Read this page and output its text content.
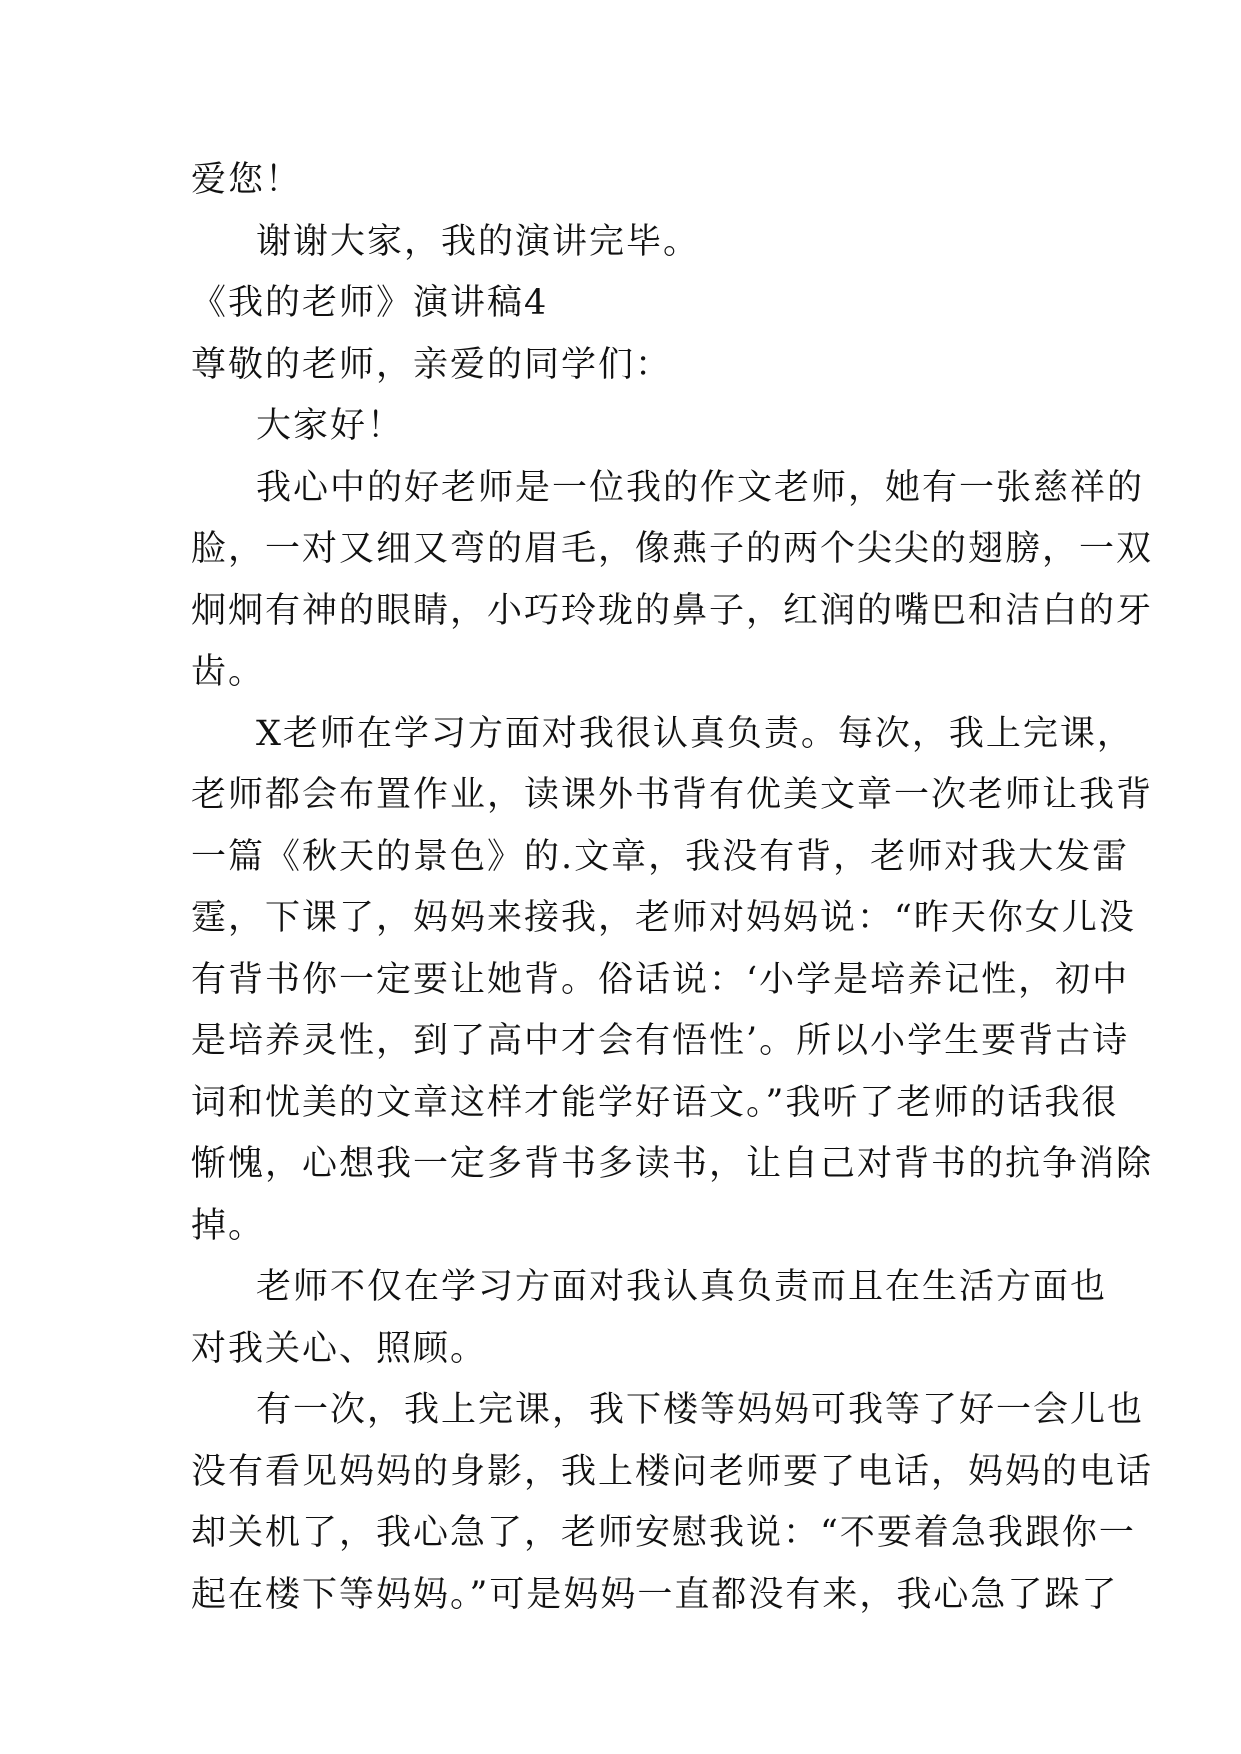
爱您！
谢谢大家，我的演讲完毕。
《我的老师》演讲稿4
尊敬的老师，亲爱的同学们：
大家好！
我心中的好老师是一位我的作文老师，她有一张慈祥的
脸，一对又细又弯的眉毛，像燕子的两个尖尖的翅膀，一双
炯炯有神的眼睛，小巧玲珑的鼻子，红润的嘴巴和洁白的牙
齿。
X老师在学习方面对我很认真负责。每次，我上完课，
老师都会布置作业，读课外书背有优美文章一次老师让我背
一篇《秋天的景色》的.文章，我没有背，老师对我大发雷
霆，下课了，妈妈来接我，老师对妈妈说：“昨天你女儿没
有背书你一定要让她背。俗话说：‘小学是培养记性，初中
是培养灵性，到了高中才会有悟性’。所以小学生要背古诗
词和忧美的文章这样才能学好语文。”我听了老师的话我很
惭愧，心想我一定多背书多读书，让自己对背书的抗争消除
掉。
老师不仅在学习方面对我认真负责而且在生活方面也
对我关心、照顾。
有一次，我上完课，我下楼等妈妈可我等了好一会儿也
没有看见妈妈的身影，我上楼问老师要了电话，妈妈的电话
却关机了，我心急了，老师安慰我说：“不要着急我跟你一
起在楼下等妈妈。”可是妈妈一直都没有来，我心急了跺了
